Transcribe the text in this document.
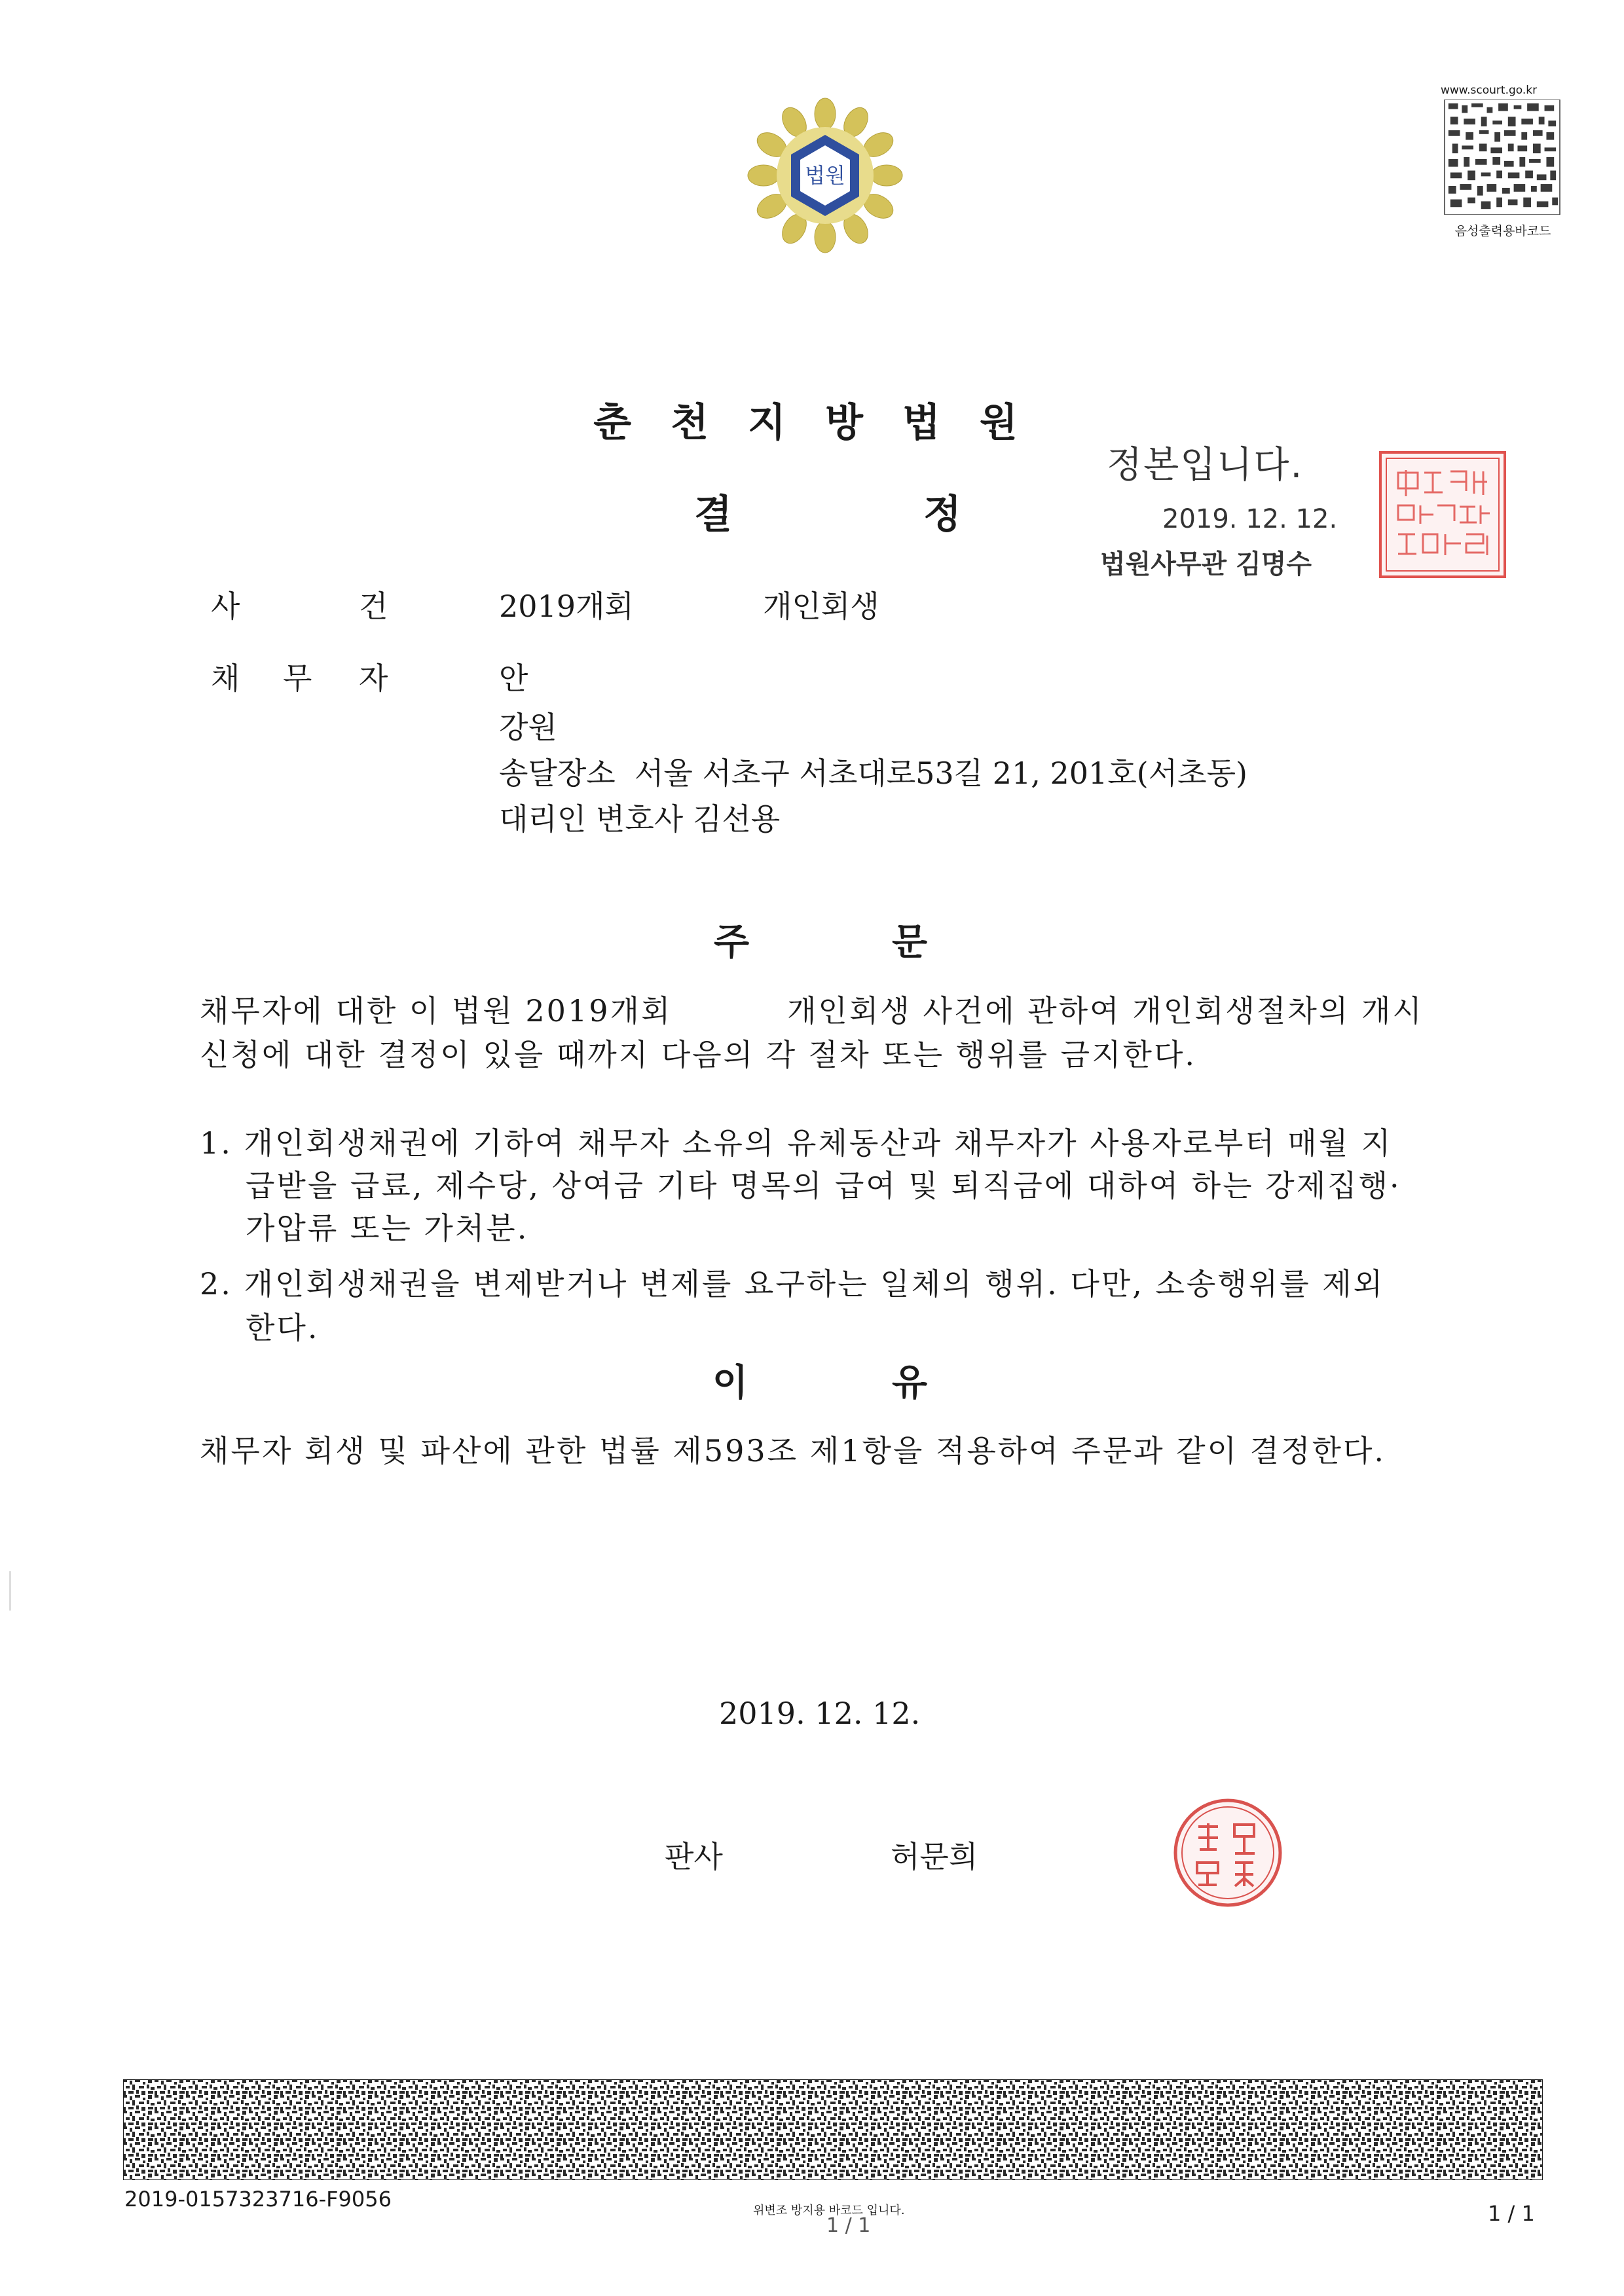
법원
www.scourt.go.kr
음성출력용바코드
춘천지방법원
결	정
정본입니다.
2019. 12. 12.
법원사무관 김명수
사	건	2019개회	개인회생
채 무 자	안
강원
송달장소  서울 서초구 서초대로53길 21, 201호(서초동)
대리인 변호사 김선용
주	문
채무자에 대한 이 법원 2019개회	개인회생 사건에 관하여 개인회생절차의 개시
신청에 대한 결정이 있을 때까지 다음의 각 절차 또는 행위를 금지한다.
1. 개인회생채권에 기하여 채무자 소유의 유체동산과 채무자가 사용자로부터 매월 지
급받을 급료, 제수당, 상여금 기타 명목의 급여 및 퇴직금에 대하여 하는 강제집행·
가압류 또는 가처분.
2. 개인회생채권을 변제받거나 변제를 요구하는 일체의 행위. 다만, 소송행위를 제외
한다.
이	유
채무자 회생 및 파산에 관한 법률 제593조 제1항을 적용하여 주문과 같이 결정한다.
2019. 12. 12.
판사	허문희
2019-0157323716-F9056	위변조 방지용 바코드 입니다.
1 / 1	1 / 1
